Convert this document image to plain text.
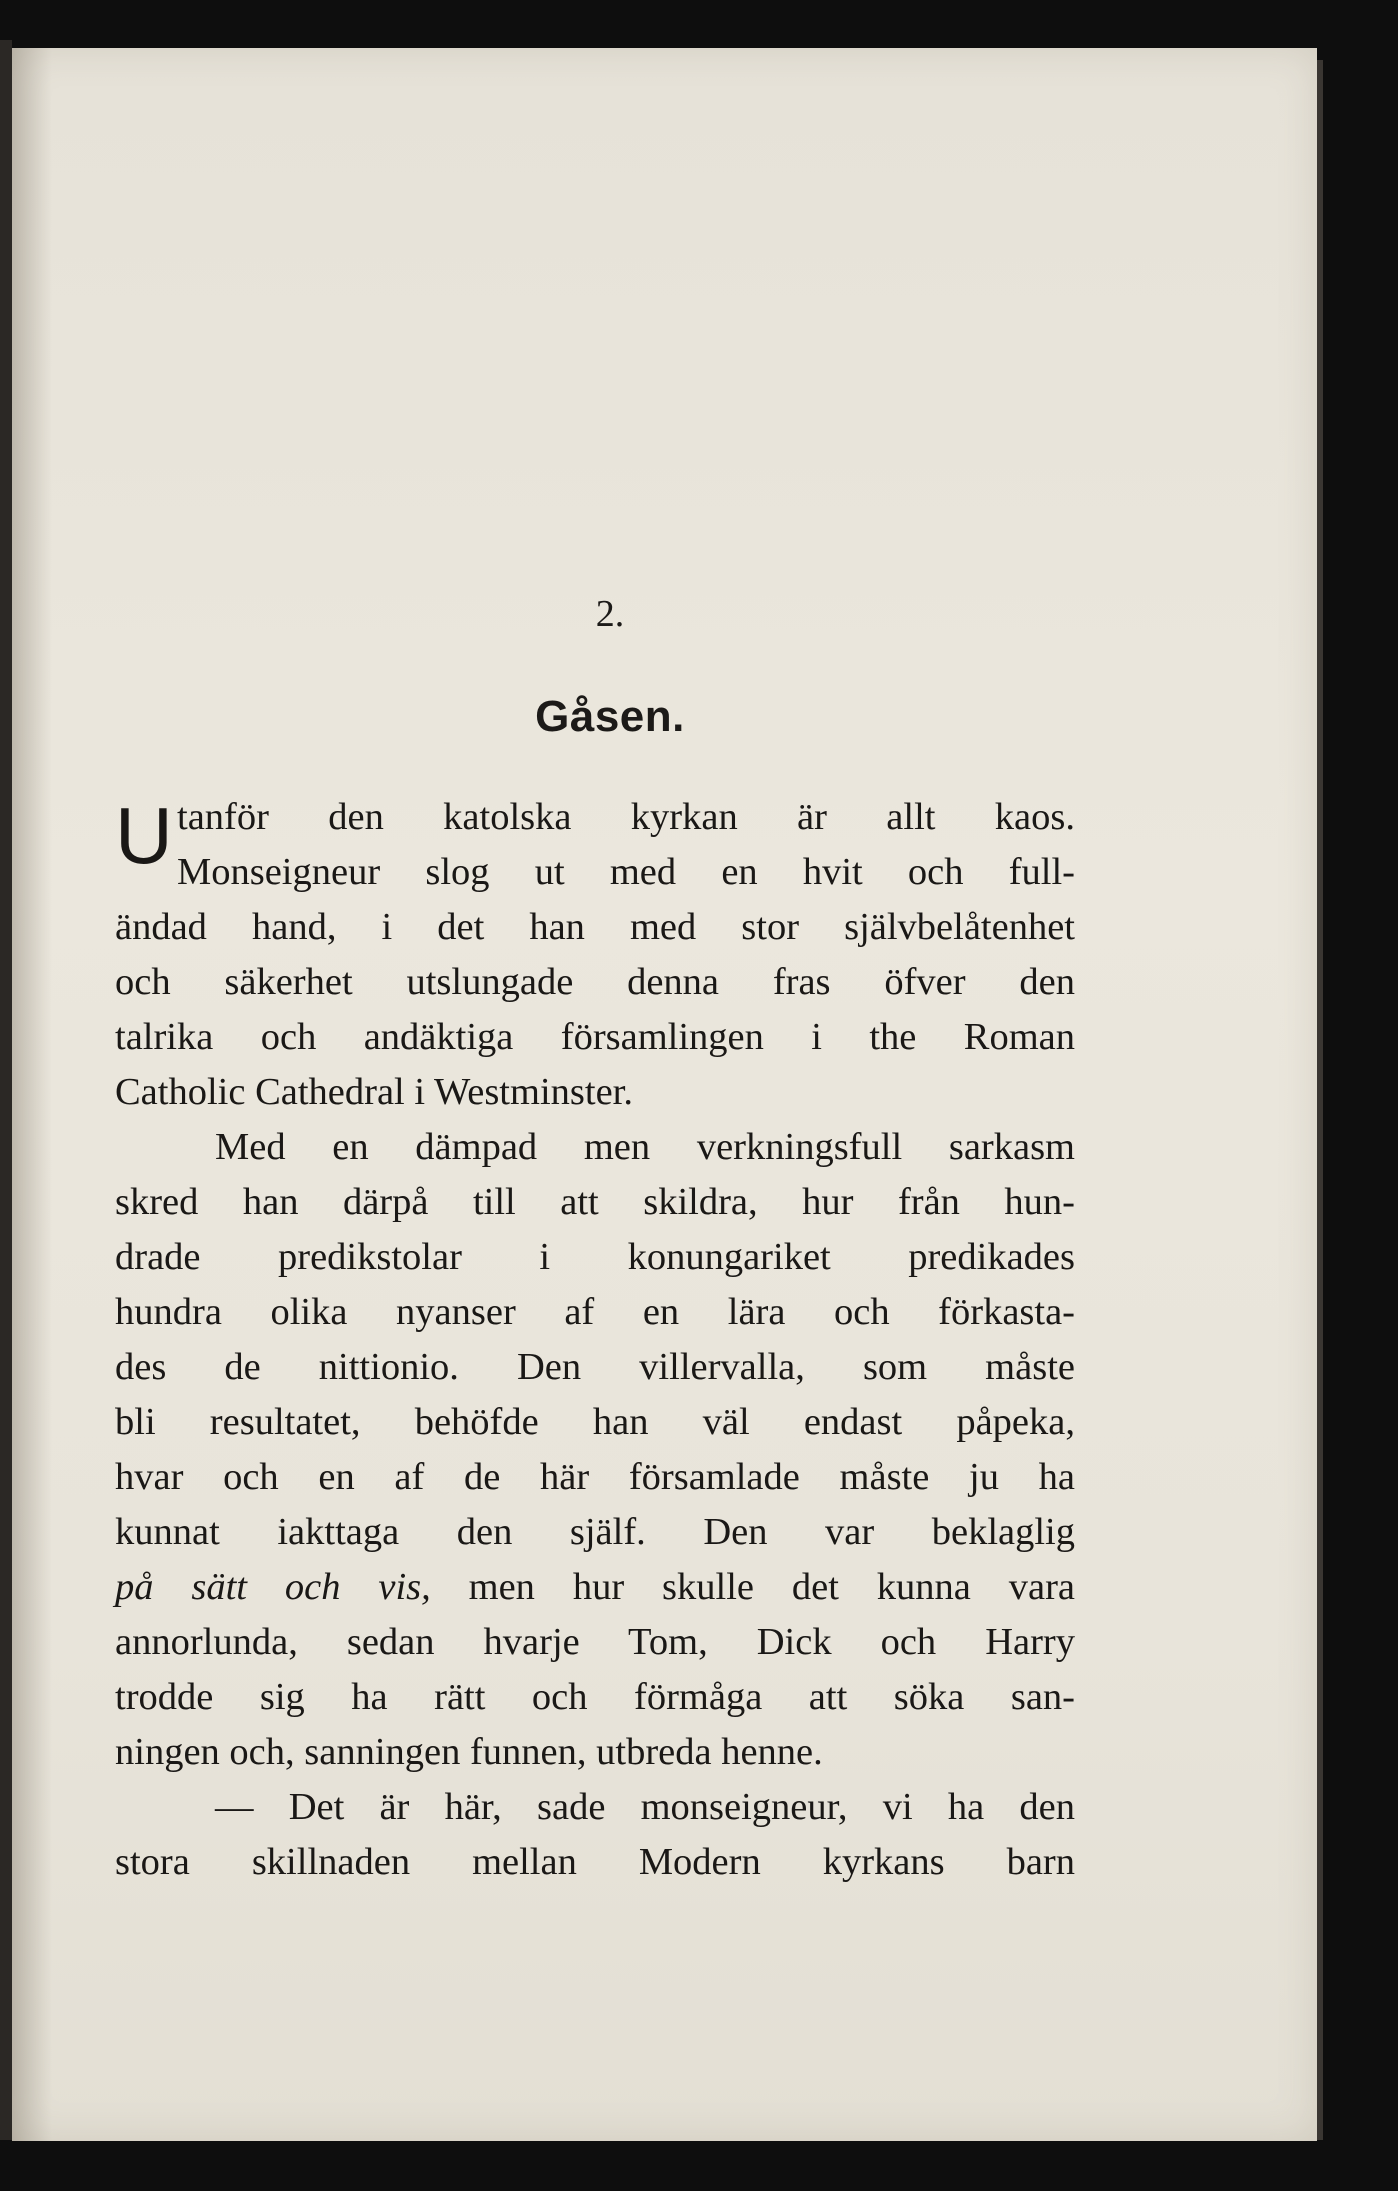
2.
Gåsen.
U tanför den katolska kyrkan är allt kaos.
Monseigneur slog ut med en hvit och full-
ändad hand, i det han med stor självbelåtenhet
och säkerhet utslungade denna fras öfver den
talrika och andäktiga församlingen i the Roman
Catholic Cathedral i Westminster.
Med en dämpad men verkningsfull sarkasm
skred han därpå till att skildra, hur från hun-
drade predikstolar i konungariket predikades
hundra olika nyanser af en lära och förkasta-
des de nittionio. Den villervalla, som måste
bli resultatet, behöfde han väl endast påpeka,
hvar och en af de här församlade måste ju ha
kunnat iakttaga den själf. Den var beklaglig
på sätt och vis, men hur skulle det kunna vara
annorlunda, sedan hvarje Tom, Dick och Harry
trodde sig ha rätt och förmåga att söka san-
ningen och, sanningen funnen, utbreda henne.
— Det är här, sade monseigneur, vi ha den
stora skillnaden mellan Modern kyrkans barn
